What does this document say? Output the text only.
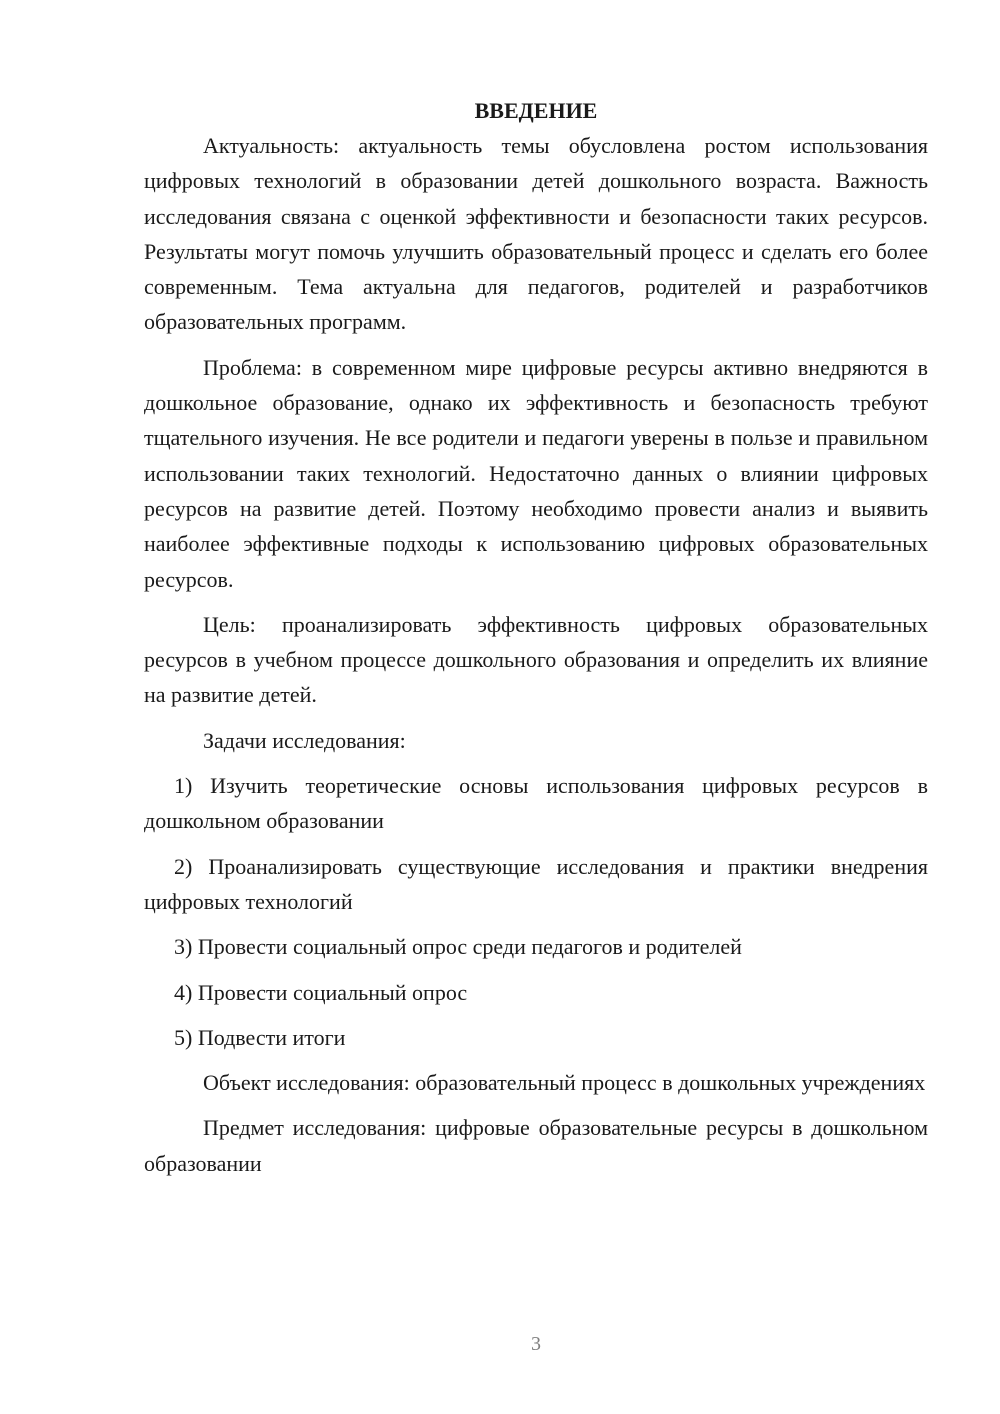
ВВЕДЕНИЕ

Актуальность: актуальность темы обусловлена ростом использования цифровых технологий в образовании детей дошкольного возраста. Важность исследования связана с оценкой эффективности и безопасности таких ресурсов. Результаты могут помочь улучшить образовательный процесс и сделать его более современным. Тема актуальна для педагогов, родителей и разработчиков образовательных программ.

Проблема: в современном мире цифровые ресурсы активно внедряются в дошкольное образование, однако их эффективность и безопасность требуют тщательного изучения. Не все родители и педагоги уверены в пользе и правильном использовании таких технологий. Недостаточно данных о влиянии цифровых ресурсов на развитие детей. Поэтому необходимо провести анализ и выявить наиболее эффективные подходы к использованию цифровых образовательных ресурсов.

Цель: проанализировать эффективность цифровых образовательных ресурсов в учебном процессе дошкольного образования и определить их влияние на развитие детей.

Задачи исследования:

1) Изучить теоретические основы использования цифровых ресурсов в дошкольном образовании

2) Проанализировать существующие исследования и практики внедрения цифровых технологий

3) Провести социальный опрос среди педагогов и родителей

4) Провести социальный опрос

5) Подвести итоги

Объект исследования: образовательный процесс в дошкольных учреждениях

Предмет исследования: цифровые образовательные ресурсы в дошкольном образовании

3
